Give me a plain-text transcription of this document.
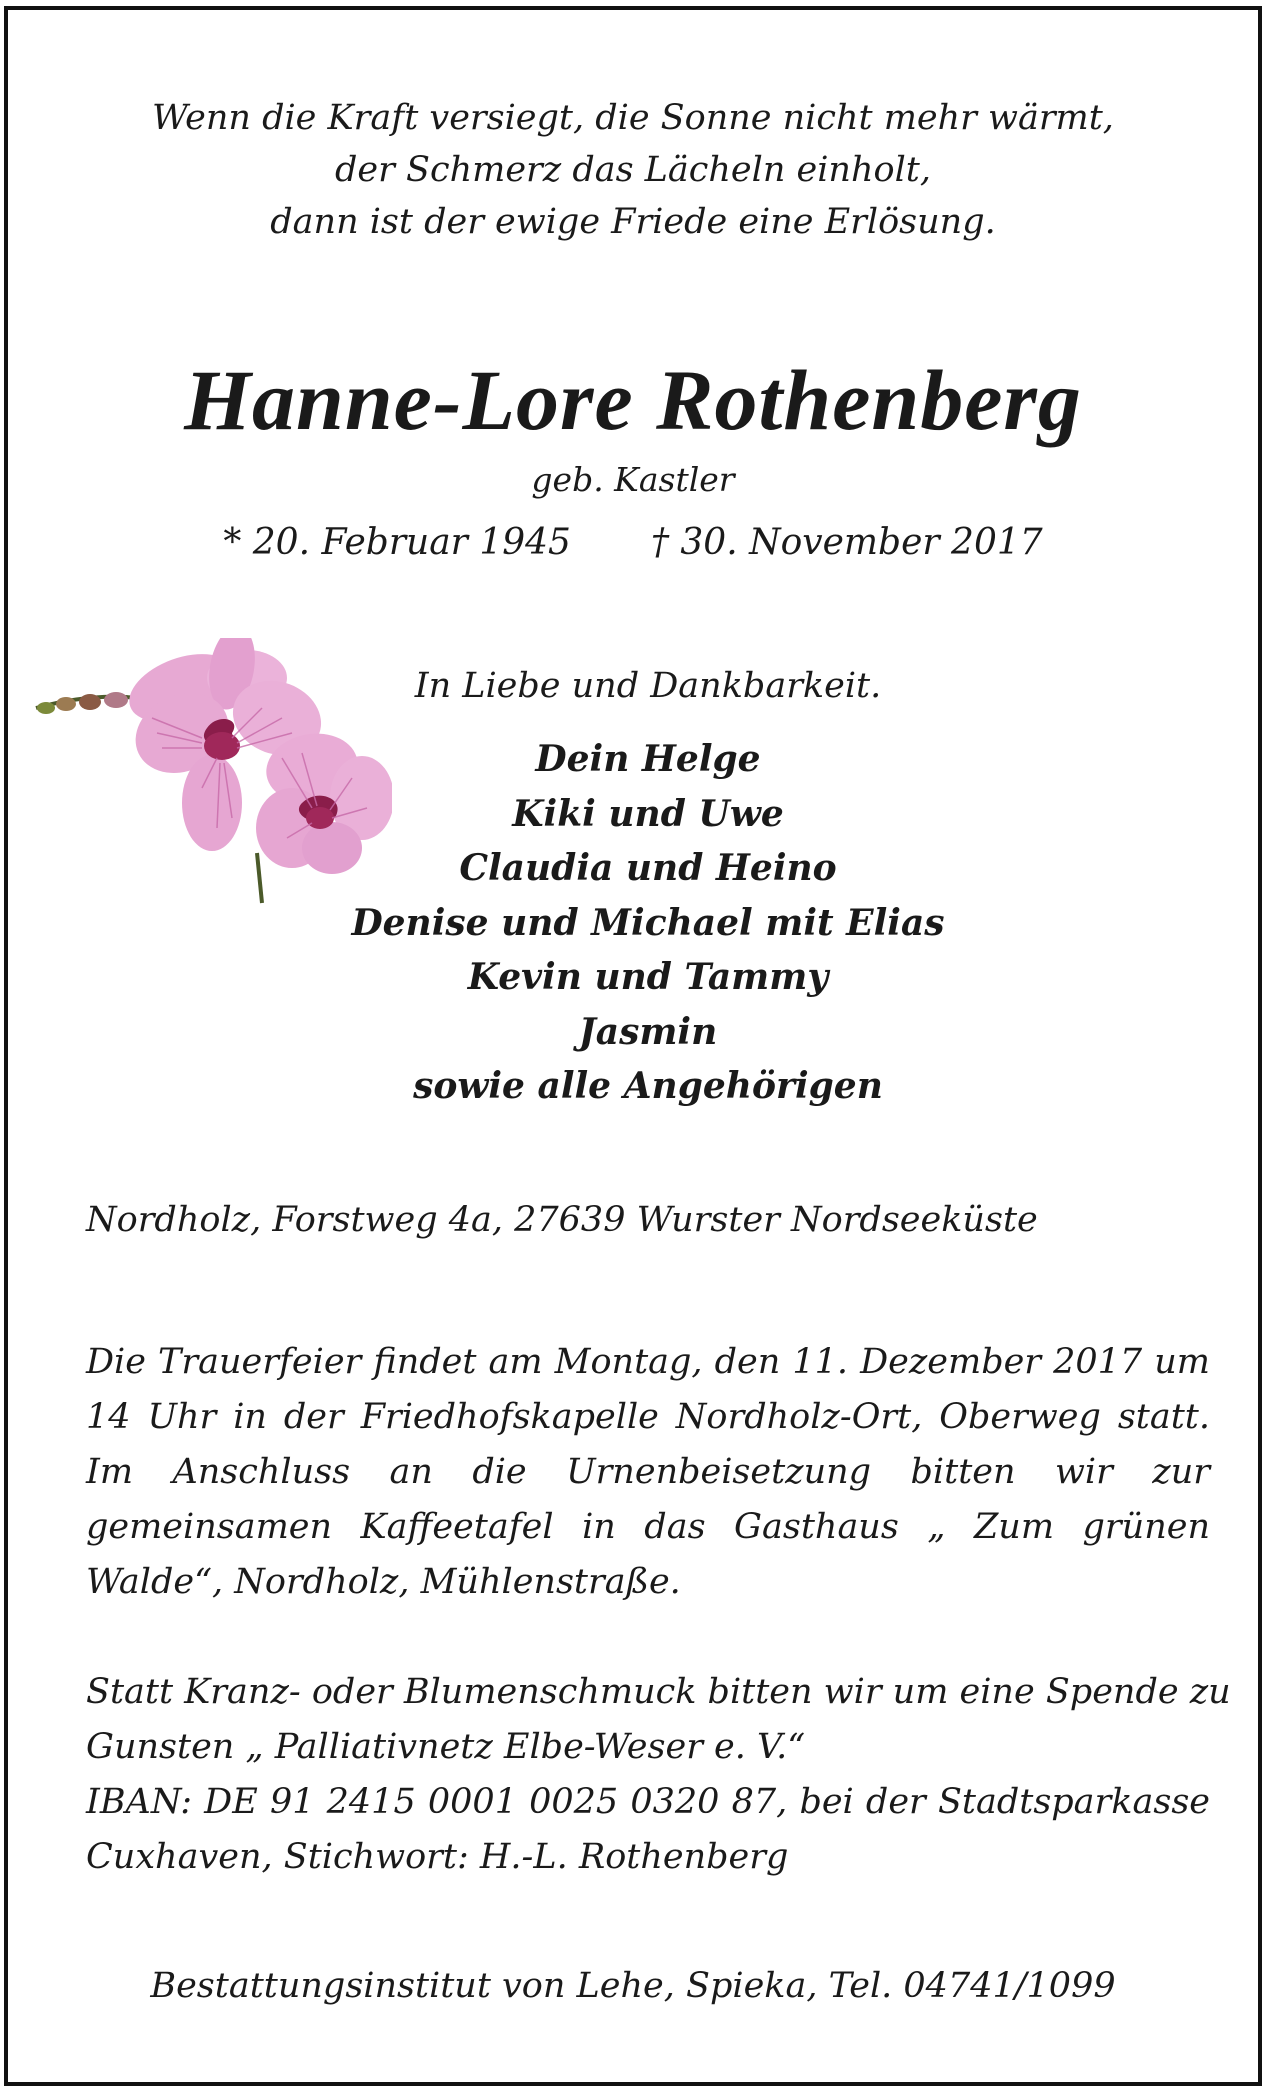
Wenn die Kraft versiegt, die Sonne nicht mehr wärmt,
der Schmerz das Lächeln einholt,
dann ist der ewige Friede eine Erlösung.
Hanne-Lore Rothenberg
geb. Kastler
* 20. Februar 1945 † 30. November 2017
In Liebe und Dankbarkeit.
Dein Helge
Kiki und Uwe
Claudia und Heino
Denise und Michael mit Elias
Kevin und Tammy
Jasmin
sowie alle Angehörigen
Nordholz, Forstweg 4a, 27639 Wurster Nordseeküste
Die Trauerfeier findet am Montag, den 11. Dezember 2017 um
14 Uhr in der Friedhofskapelle Nordholz-Ort, Oberweg statt.
Im Anschluss an die Urnenbeisetzung bitten wir zur
gemeinsamen Kaffeetafel in das Gasthaus „ Zum grünen
Walde“, Nordholz, Mühlenstraße.
Statt Kranz- oder Blumenschmuck bitten wir um eine Spende zu
Gunsten „ Palliativnetz Elbe-Weser e. V.“
IBAN: DE 91 2415 0001 0025 0320 87, bei der Stadtsparkasse
Cuxhaven, Stichwort: H.-L. Rothenberg
Bestattungsinstitut von Lehe, Spieka, Tel. 04741/1099
